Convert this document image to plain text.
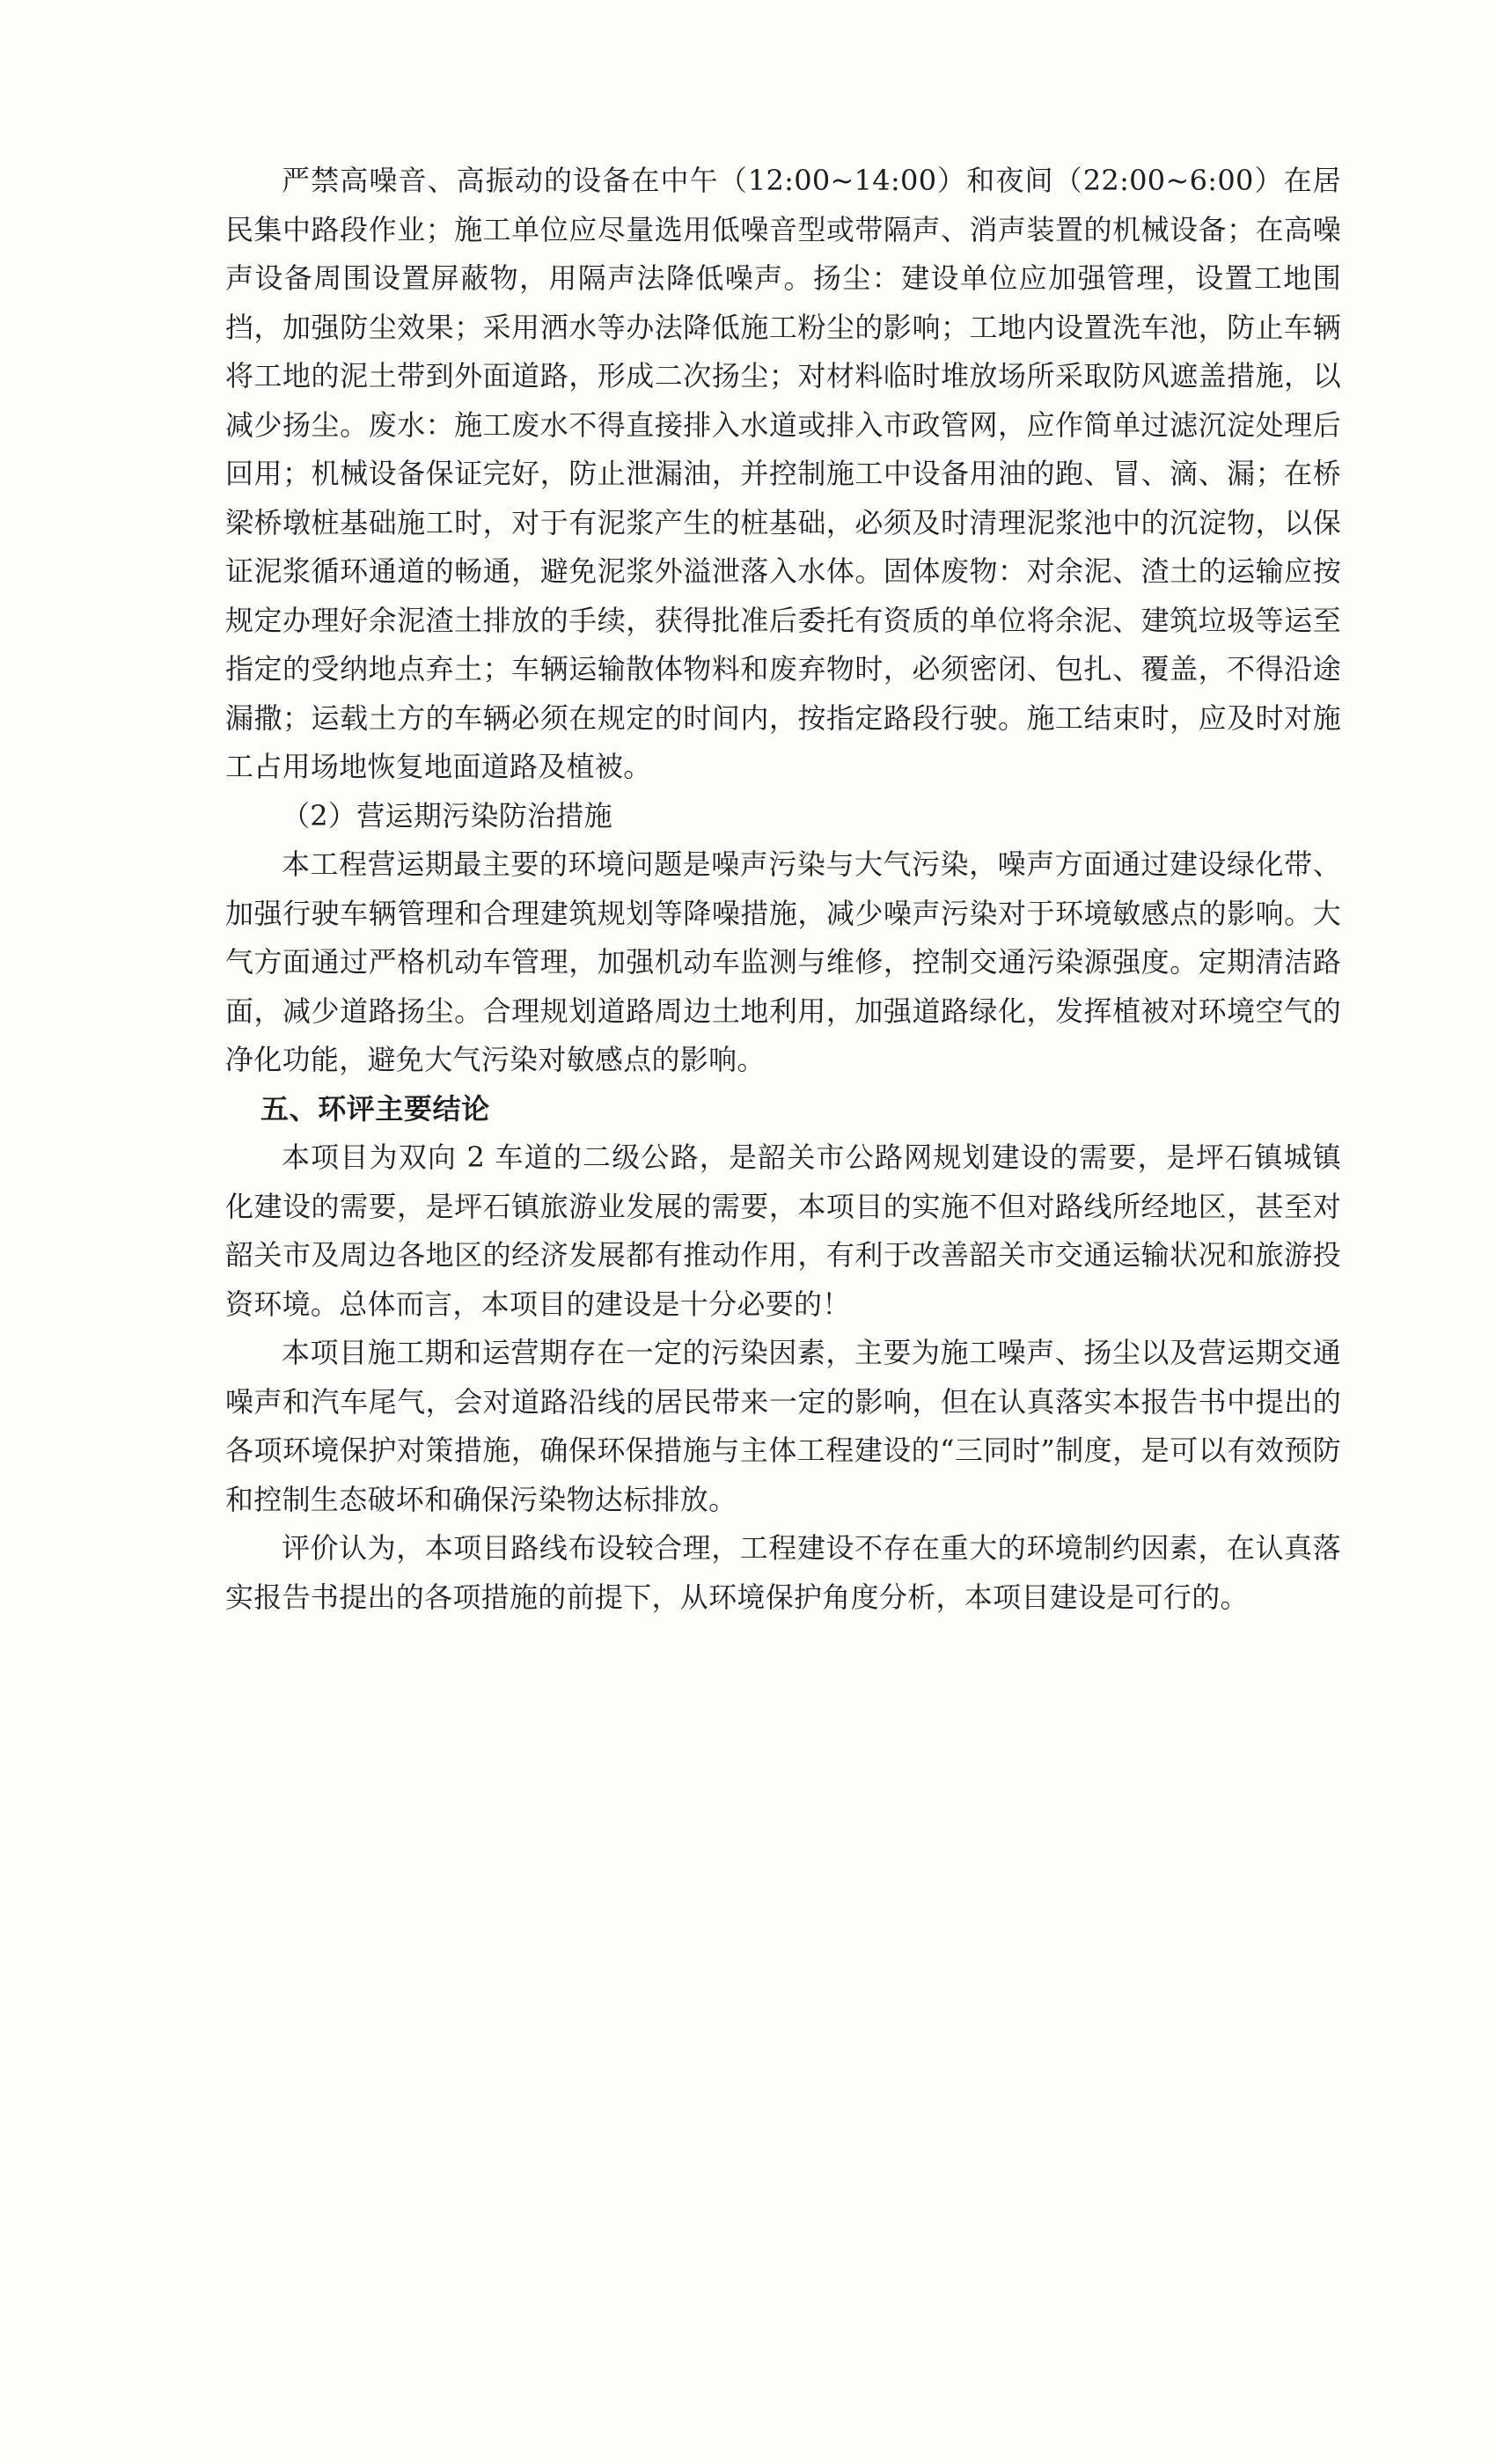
严禁高噪音、高振动的设备在中午（12:00~14:00）和夜间（22:00~6:00）在居民集中路段作业；施工单位应尽量选用低噪音型或带隔声、消声装置的机械设备；在高噪声设备周围设置屏蔽物，用隔声法降低噪声。扬尘：建设单位应加强管理，设置工地围挡，加强防尘效果；采用洒水等办法降低施工粉尘的影响；工地内设置洗车池，防止车辆将工地的泥土带到外面道路，形成二次扬尘；对材料临时堆放场所采取防风遮盖措施，以减少扬尘。废水：施工废水不得直接排入水道或排入市政管网，应作简单过滤沉淀处理后回用；机械设备保证完好，防止泄漏油，并控制施工中设备用油的跑、冒、滴、漏；在桥梁桥墩桩基础施工时，对于有泥浆产生的桩基础，必须及时清理泥浆池中的沉淀物，以保证泥浆循环通道的畅通，避免泥浆外溢泄落入水体。固体废物：对余泥、渣土的运输应按规定办理好余泥渣土排放的手续，获得批准后委托有资质的单位将余泥、建筑垃圾等运至指定的受纳地点弃土；车辆运输散体物料和废弃物时，必须密闭、包扎、覆盖，不得沿途漏撒；运载土方的车辆必须在规定的时间内，按指定路段行驶。施工结束时，应及时对施工占用场地恢复地面道路及植被。

（2）营运期污染防治措施

本工程营运期最主要的环境问题是噪声污染与大气污染，噪声方面通过建设绿化带、加强行驶车辆管理和合理建筑规划等降噪措施，减少噪声污染对于环境敏感点的影响。大气方面通过严格机动车管理，加强机动车监测与维修，控制交通污染源强度。定期清洁路面，减少道路扬尘。合理规划道路周边土地利用，加强道路绿化，发挥植被对环境空气的净化功能，避免大气污染对敏感点的影响。

五、环评主要结论

本项目为双向 2 车道的二级公路，是韶关市公路网规划建设的需要，是坪石镇城镇化建设的需要，是坪石镇旅游业发展的需要，本项目的实施不但对路线所经地区，甚至对韶关市及周边各地区的经济发展都有推动作用，有利于改善韶关市交通运输状况和旅游投资环境。总体而言，本项目的建设是十分必要的！

本项目施工期和运营期存在一定的污染因素，主要为施工噪声、扬尘以及营运期交通噪声和汽车尾气，会对道路沿线的居民带来一定的影响，但在认真落实本报告书中提出的各项环境保护对策措施，确保环保措施与主体工程建设的“三同时”制度，是可以有效预防和控制生态破坏和确保污染物达标排放。

评价认为，本项目路线布设较合理，工程建设不存在重大的环境制约因素，在认真落实报告书提出的各项措施的前提下，从环境保护角度分析，本项目建设是可行的。
